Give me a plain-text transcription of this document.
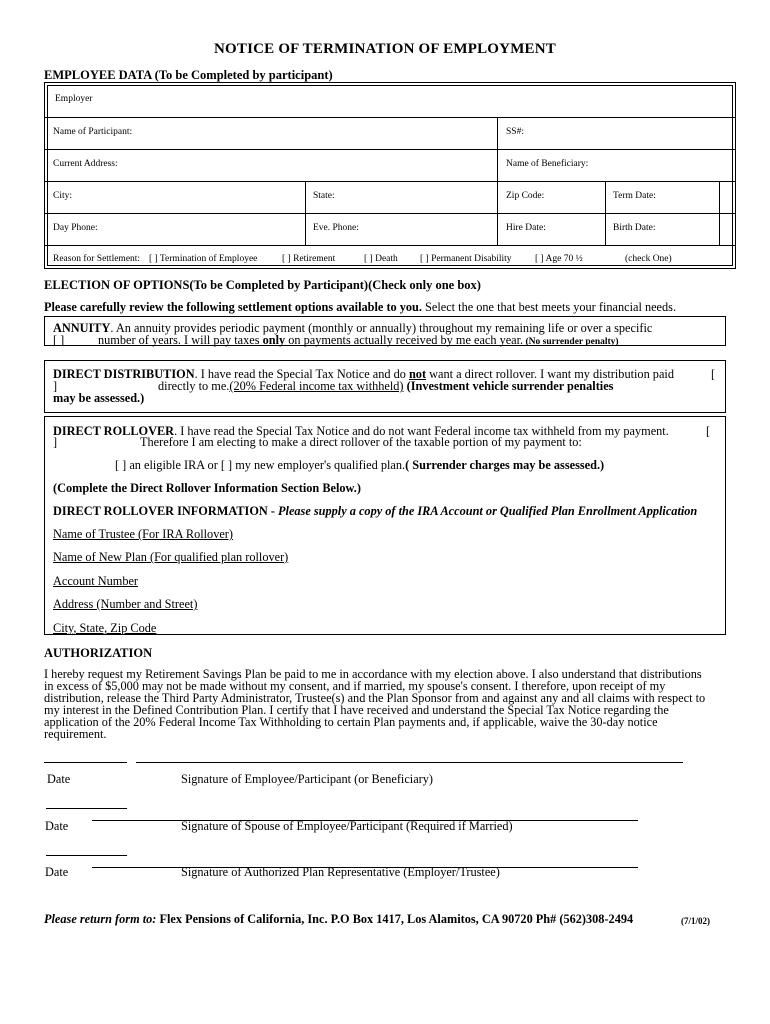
NOTICE OF TERMINATION OF EMPLOYMENT
EMPLOYEE DATA (To be Completed by participant)
Employer
Name of Participant:	SS#:
Current Address:	Name of Beneficiary:
City:	State:	Zip Code:	Term Date:
Day Phone:	Eve. Phone:	Hire Date:	Birth Date:
Reason for Settlement: [ ] Termination of Employee	[ ] Retirement	[ ] Death [ ] Permanent Disability [ ] Age 70 ½	(check One)
ELECTION OF OPTIONS(To be Completed by Participant)(Check only one box)
Please carefully review the following settlement options available to you. Select the one that best meets your financial needs.
ANNUITY. An annuity provides periodic payment (monthly or annually) throughout my remaining life or over a specific
[ ]	number of years. I will pay taxes only on payments actually received by me each year. (No surrender penalty)
DIRECT DISTRIBUTION. I have read the Special Tax Notice and do not want a direct rollover. I want my distribution paid	[
]	directly to me.(20% Federal income tax withheld) (Investment vehicle surrender penalties
may be assessed.)
DIRECT ROLLOVER. I have read the Special Tax Notice and do not want Federal income tax withheld from my payment.	[
]	Therefore I am electing to make a direct rollover of the taxable portion of my payment to:
[ ] an eligible IRA or [ ] my new employer's qualified plan.( Surrender charges may be assessed.)
(Complete the Direct Rollover Information Section Below.)
DIRECT ROLLOVER INFORMATION - Please supply a copy of the IRA Account or Qualified Plan Enrollment Application
Name of Trustee (For IRA Rollover)
Name of New Plan (For qualified plan rollover)
Account Number
Address (Number and Street)
City, State, Zip Code
AUTHORIZATION
I hereby request my Retirement Savings Plan be paid to me in accordance with my election above. I also understand that distributions
in excess of $5,000 may not be made without my consent, and if married, my spouse's consent. I therefore, upon receipt of my
distribution, release the Third Party Administrator, Trustee(s) and the Plan Sponsor from and against any and all claims with respect to
my interest in the Defined Contribution Plan. I certify that I have received and understand the Special Tax Notice regarding the
application of the 20% Federal Income Tax Withholding to certain Plan payments and, if applicable, waive the 30-day notice
requirement.
Date	Signature of Employee/Participant (or Beneficiary)
Date	Signature of Spouse of Employee/Participant (Required if Married)
Date	Signature of Authorized Plan Representative (Employer/Trustee)
Please return form to: Flex Pensions of California, Inc. P.O Box 1417, Los Alamitos, CA 90720 Ph# (562)308-2494	(7/1/02)
